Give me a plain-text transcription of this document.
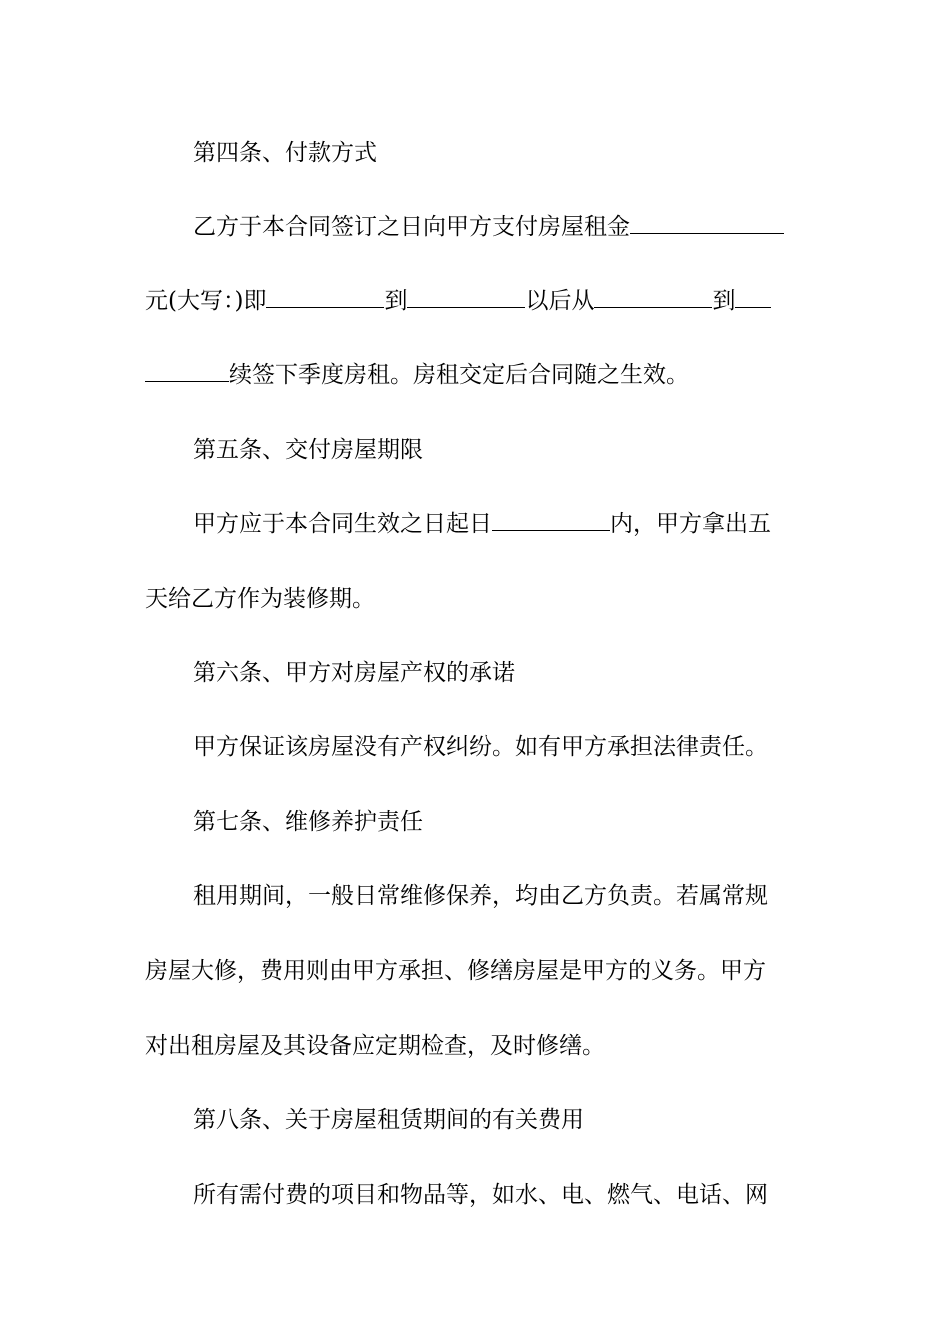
第四条、付款方式
乙方于本合同签订之日向甲方支付房屋租金
元(大写：)即	到	以后从	到
续签下季度房租。房租交定后合同随之生效。
第五条、交付房屋期限
甲方应于本合同生效之日起日	内，甲方拿出五
天给乙方作为装修期。
第六条、甲方对房屋产权的承诺
甲方保证该房屋没有产权纠纷。如有甲方承担法律责任。
第七条、维修养护责任
租用期间，一般日常维修保养，均由乙方负责。若属常规
房屋大修，费用则由甲方承担、修缮房屋是甲方的义务。甲方
对出租房屋及其设备应定期检查，及时修缮。
第八条、关于房屋租赁期间的有关费用
所有需付费的项目和物品等，如水、电、燃气、电话、网
